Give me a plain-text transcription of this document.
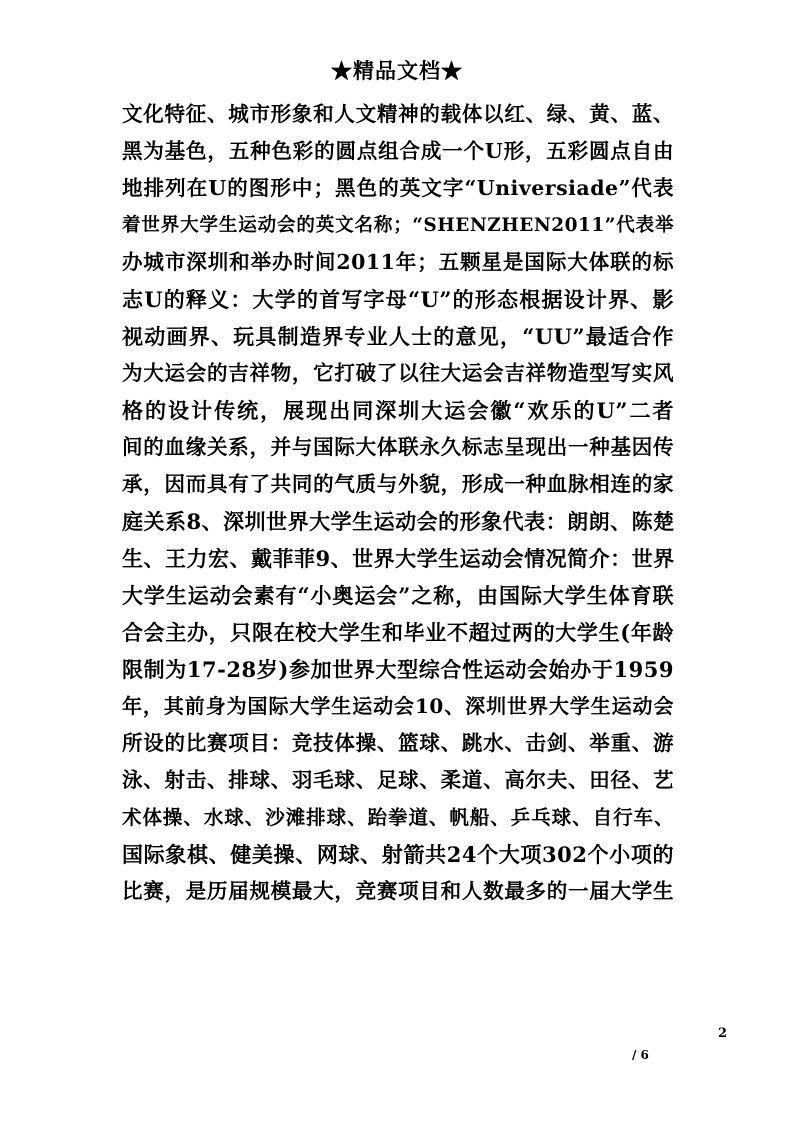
★精品文档★
文化特征、城市形象和人文精神的载体以红、绿、黄、蓝、
黑为基色，五种色彩的圆点组合成一个U形，五彩圆点自由
地排列在U的图形中；黑色的英文字“Universiade”代表
着世界大学生运动会的英文名称；“SHENZHEN2011”代表举
办城市深圳和举办时间2011年；五颗星是国际大体联的标
志U的释义：大学的首写字母“U”的形态根据设计界、影
视动画界、玩具制造界专业人士的意见，“UU”最适合作
为大运会的吉祥物，它打破了以往大运会吉祥物造型写实风
格的设计传统，展现出同深圳大运会徽“欢乐的U”二者
间的血缘关系，并与国际大体联永久标志呈现出一种基因传
承，因而具有了共同的气质与外貌，形成一种血脉相连的家
庭关系8、深圳世界大学生运动会的形象代表：朗朗、陈楚
生、王力宏、戴菲菲9、世界大学生运动会情况简介：世界
大学生运动会素有“小奥运会”之称，由国际大学生体育联
合会主办，只限在校大学生和毕业不超过两的大学生(年龄
限制为17-28岁)参加世界大型综合性运动会始办于1959
年，其前身为国际大学生运动会10、深圳世界大学生运动会
所设的比赛项目：竞技体操、篮球、跳水、击剑、举重、游
泳、射击、排球、羽毛球、足球、柔道、高尔夫、田径、艺
术体操、水球、沙滩排球、跆拳道、帆船、乒乓球、自行车、
国际象棋、健美操、网球、射箭共24个大项302个小项的
比赛，是历届规模最大，竞赛项目和人数最多的一届大学生
2
/ 6
